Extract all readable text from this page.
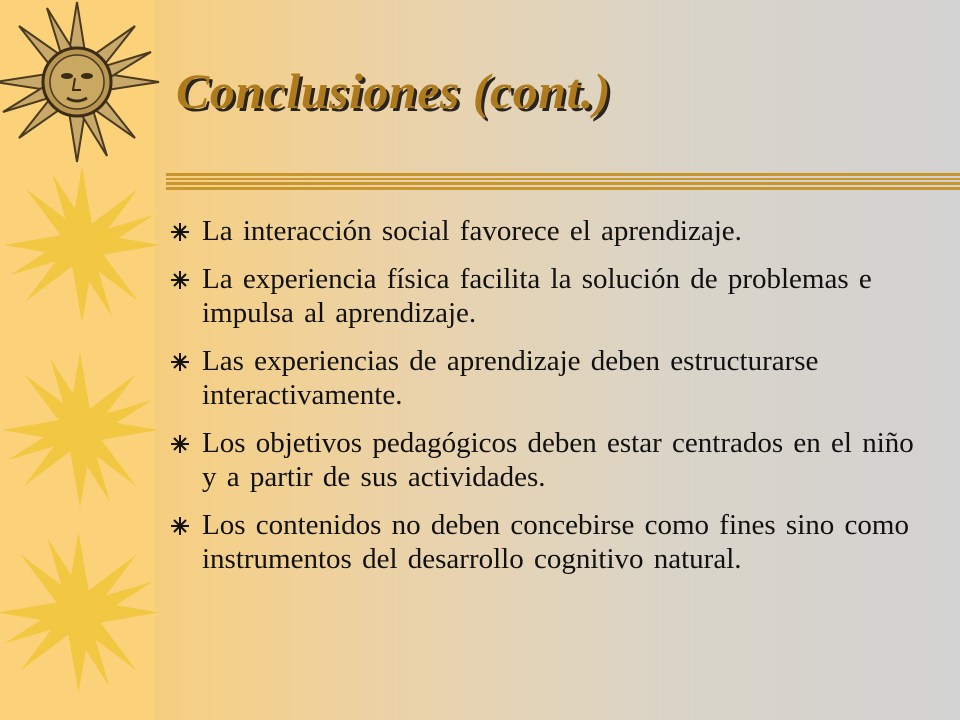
Conclusiones (cont.)
La interacción social favorece el aprendizaje.
La experiencia física facilita la solución de problemas e impulsa al aprendizaje.
Las experiencias de aprendizaje deben estructurarse interactivamente.
Los objetivos pedagógicos deben estar centrados en el niño y a partir de sus actividades.
Los contenidos no deben concebirse como fines sino como instrumentos del desarrollo cognitivo natural.
